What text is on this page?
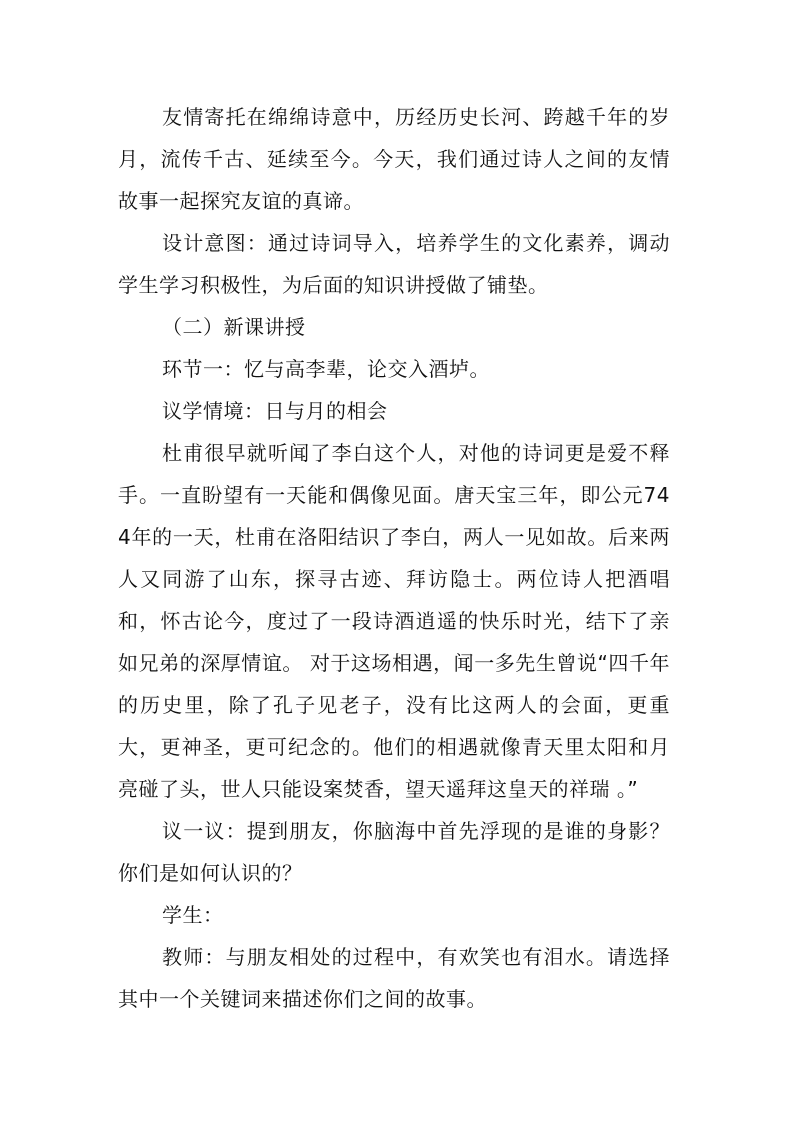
友情寄托在绵绵诗意中，历经历史长河、跨越千年的岁月，流传千古、延续至今。今天，我们通过诗人之间的友情故事一起探究友谊的真谛。

设计意图：通过诗词导入，培养学生的文化素养，调动学生学习积极性，为后面的知识讲授做了铺垫。

（二）新课讲授

环节一：忆与高李辈，论交入酒垆。

议学情境：日与月的相会

杜甫很早就听闻了李白这个人，对他的诗词更是爱不释手。一直盼望有一天能和偶像见面。唐天宝三年，即公元744年的一天，杜甫在洛阳结识了李白，两人一见如故。后来两人又同游了山东，探寻古迹、拜访隐士。两位诗人把酒唱和，怀古论今，度过了一段诗酒逍遥的快乐时光，结下了亲如兄弟的深厚情谊。 对于这场相遇，闻一多先生曾说“四千年的历史里，除了孔子见老子，没有比这两人的会面，更重大，更神圣，更可纪念的。他们的相遇就像青天里太阳和月亮碰了头，世人只能设案焚香，望天遥拜这皇天的祥瑞 。”

议一议：提到朋友，你脑海中首先浮现的是谁的身影？你们是如何认识的？

学生：

教师：与朋友相处的过程中，有欢笑也有泪水。请选择其中一个关键词来描述你们之间的故事。
